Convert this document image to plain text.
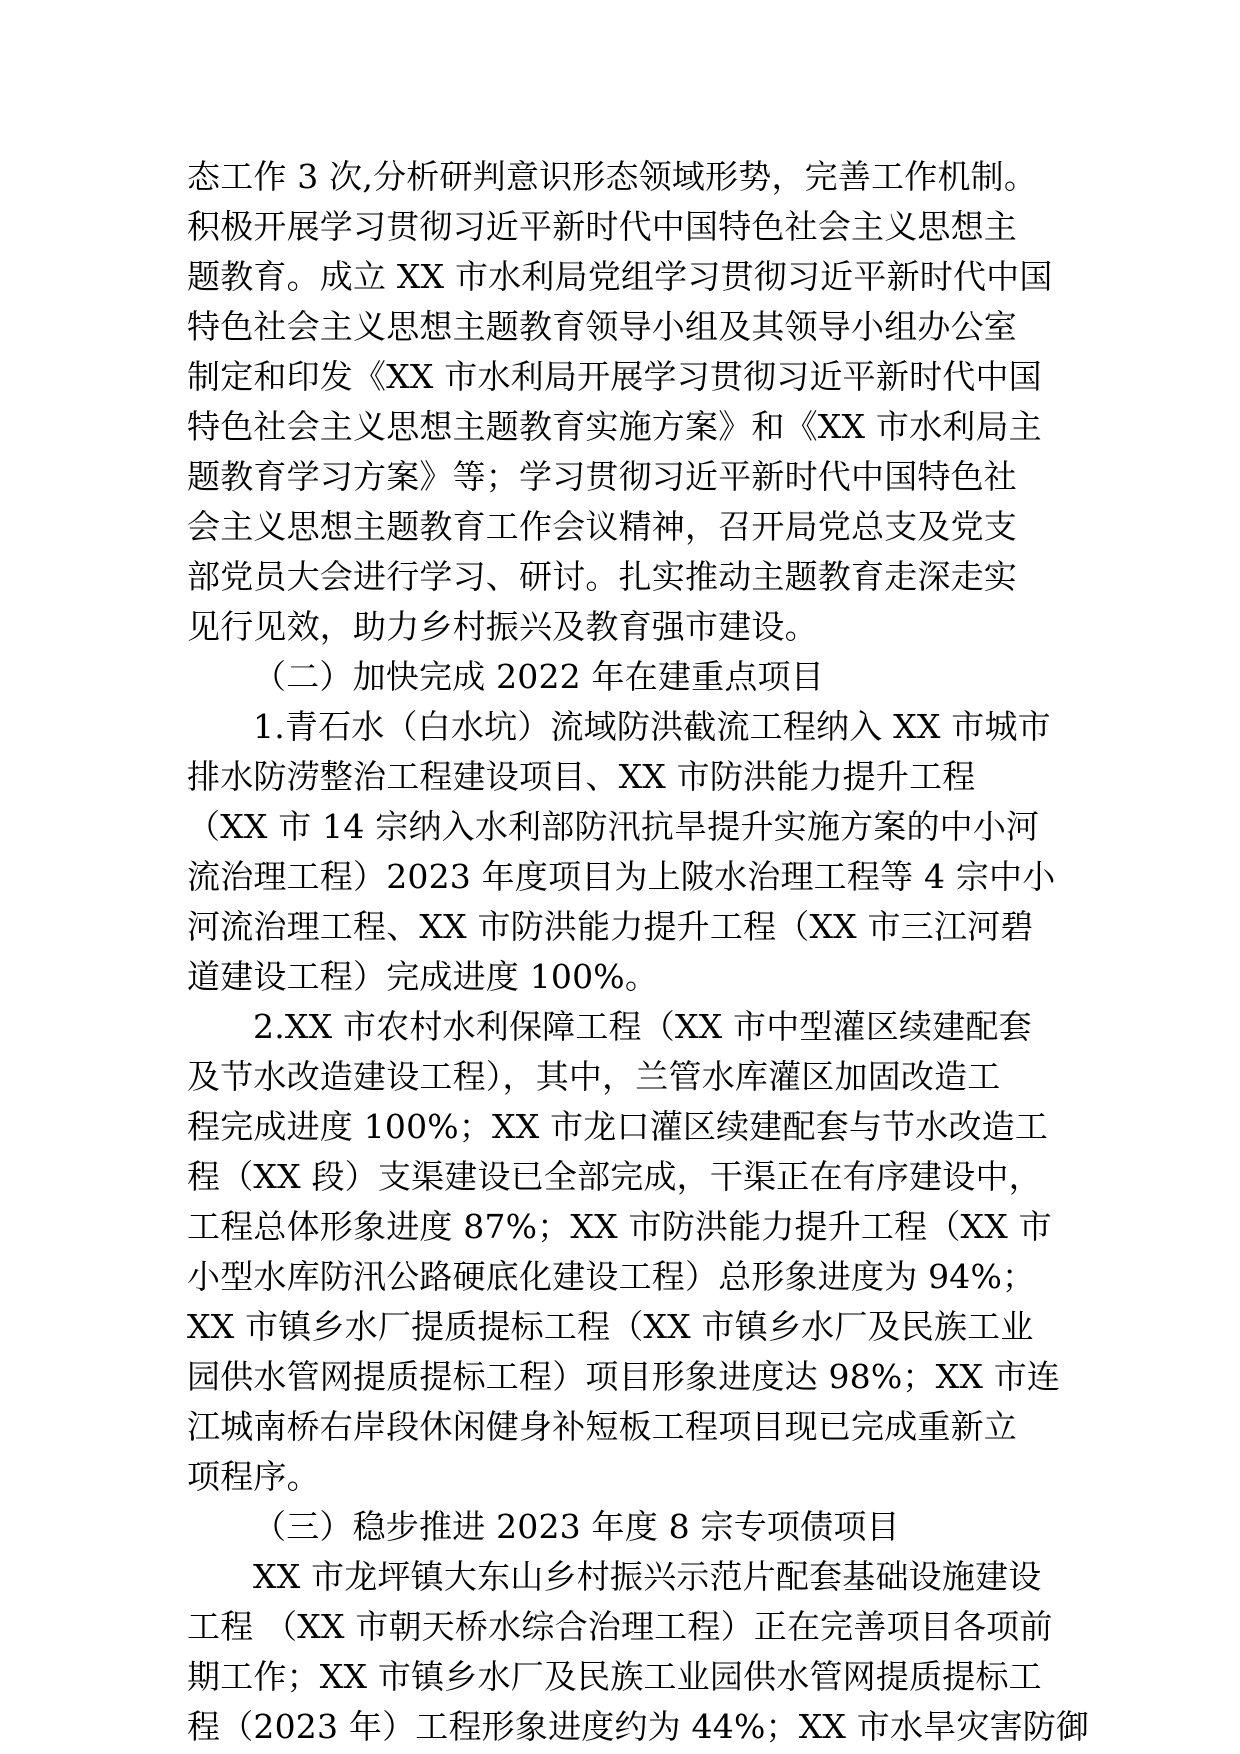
态工作 3 次,分析研判意识形态领域形势，完善工作机制。
积极开展学习贯彻习近平新时代中国特色社会主义思想主
题教育。成立 XX 市水利局党组学习贯彻习近平新时代中国
特色社会主义思想主题教育领导小组及其领导小组办公室
制定和印发《XX 市水利局开展学习贯彻习近平新时代中国
特色社会主义思想主题教育实施方案》和《XX 市水利局主
题教育学习方案》等；学习贯彻习近平新时代中国特色社
会主义思想主题教育工作会议精神，召开局党总支及党支
部党员大会进行学习、研讨。扎实推动主题教育走深走实
见行见效，助力乡村振兴及教育强市建设。
（二）加快完成 2022 年在建重点项目
1.青石水（白水坑）流域防洪截流工程纳入 XX 市城市
排水防涝整治工程建设项目、XX 市防洪能力提升工程
（XX 市 14 宗纳入水利部防汛抗旱提升实施方案的中小河
流治理工程）2023 年度项目为上陂水治理工程等 4 宗中小
河流治理工程、XX 市防洪能力提升工程（XX 市三江河碧
道建设工程）完成进度 100%。
2.XX 市农村水利保障工程（XX 市中型灌区续建配套
及节水改造建设工程），其中，兰管水库灌区加固改造工
程完成进度 100%；XX 市龙口灌区续建配套与节水改造工
程（XX 段）支渠建设已全部完成，干渠正在有序建设中，
工程总体形象进度 87%；XX 市防洪能力提升工程（XX 市
小型水库防汛公路硬底化建设工程）总形象进度为 94%；
XX 市镇乡水厂提质提标工程（XX 市镇乡水厂及民族工业
园供水管网提质提标工程）项目形象进度达 98%；XX 市连
江城南桥右岸段休闲健身补短板工程项目现已完成重新立
项程序。
（三）稳步推进 2023 年度 8 宗专项债项目
XX 市龙坪镇大东山乡村振兴示范片配套基础设施建设
工程 （XX 市朝天桥水综合治理工程）正在完善项目各项前
期工作；XX 市镇乡水厂及民族工业园供水管网提质提标工
程（2023 年）工程形象进度约为 44%；XX 市水旱灾害防御
